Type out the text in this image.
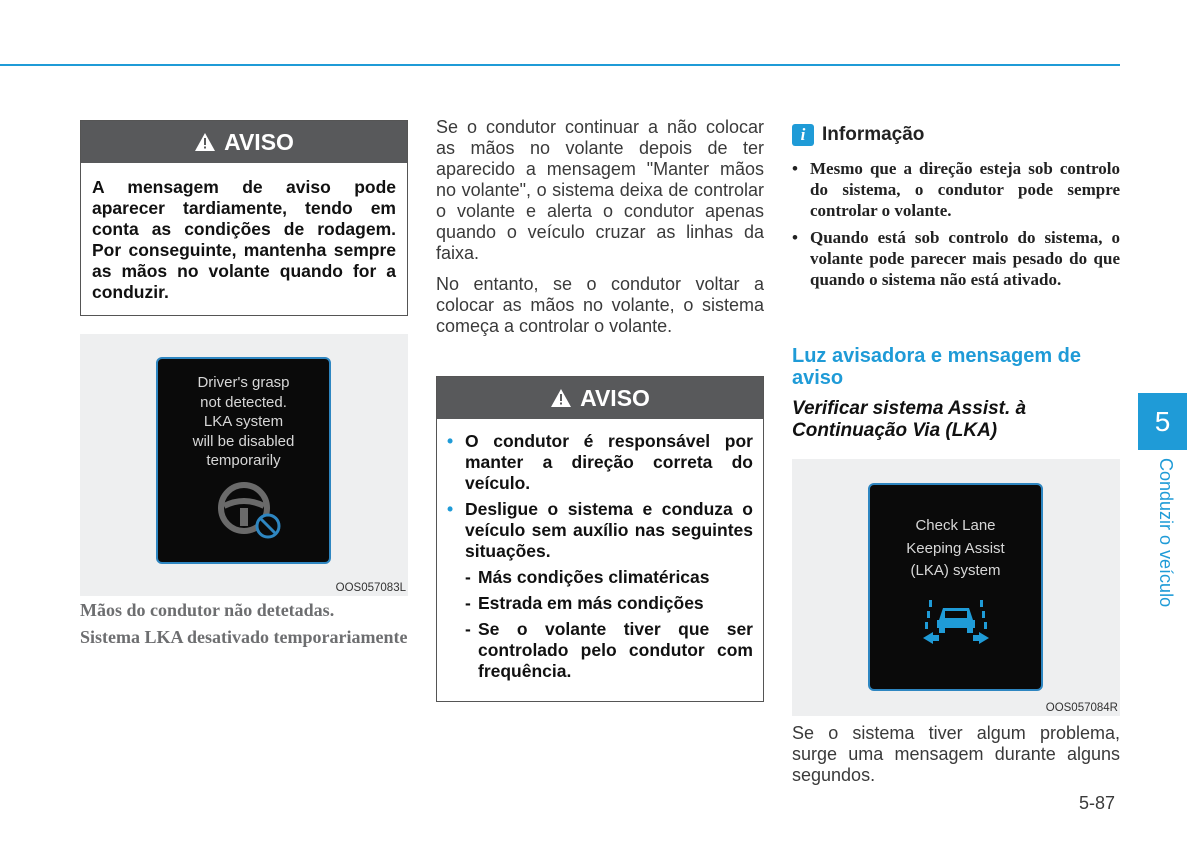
AVISO
A mensagem de aviso pode aparecer tardiamente, tendo em conta as condições de rodagem. Por conseguinte, mantenha sempre as mãos no volante quando for a conduzir.
Driver's grasp
not detected.
LKA system
will be disabled
temporarily
OOS057083L

Mãos do condutor não detetadas.

Sistema LKA desativado temporariamente

Se o condutor continuar a não colocar as mãos no volante depois de ter aparecido a mensagem "Manter mãos no volante", o sistema deixa de controlar o volante e alerta o condutor apenas quando o veículo cruzar as linhas da faixa.

No entanto, se o condutor voltar a colocar as mãos no volante, o sistema começa a controlar o volante.

AVISO
• O condutor é responsável por manter a direção correta do veículo.
• Desligue o sistema e conduza o veículo sem auxílio nas seguintes situações.
- Más condições climatéricas
- Estrada em más condições
- Se o volante tiver que ser controlado pelo condutor com frequência.
i Informação
• Mesmo que a direção esteja sob controlo do sistema, o condutor pode sempre controlar o volante.
• Quando está sob controlo do sistema, o volante pode parecer mais pesado do que quando o sistema não está ativado.
Luz avisadora e mensagem de aviso
Verificar sistema Assist. à Continuação Via (LKA)
Check Lane
Keeping Assist
(LKA) system
OOS057084R
Se o sistema tiver algum problema, surge uma mensagem durante alguns segundos.
5-87
5
Conduzir o veículo
